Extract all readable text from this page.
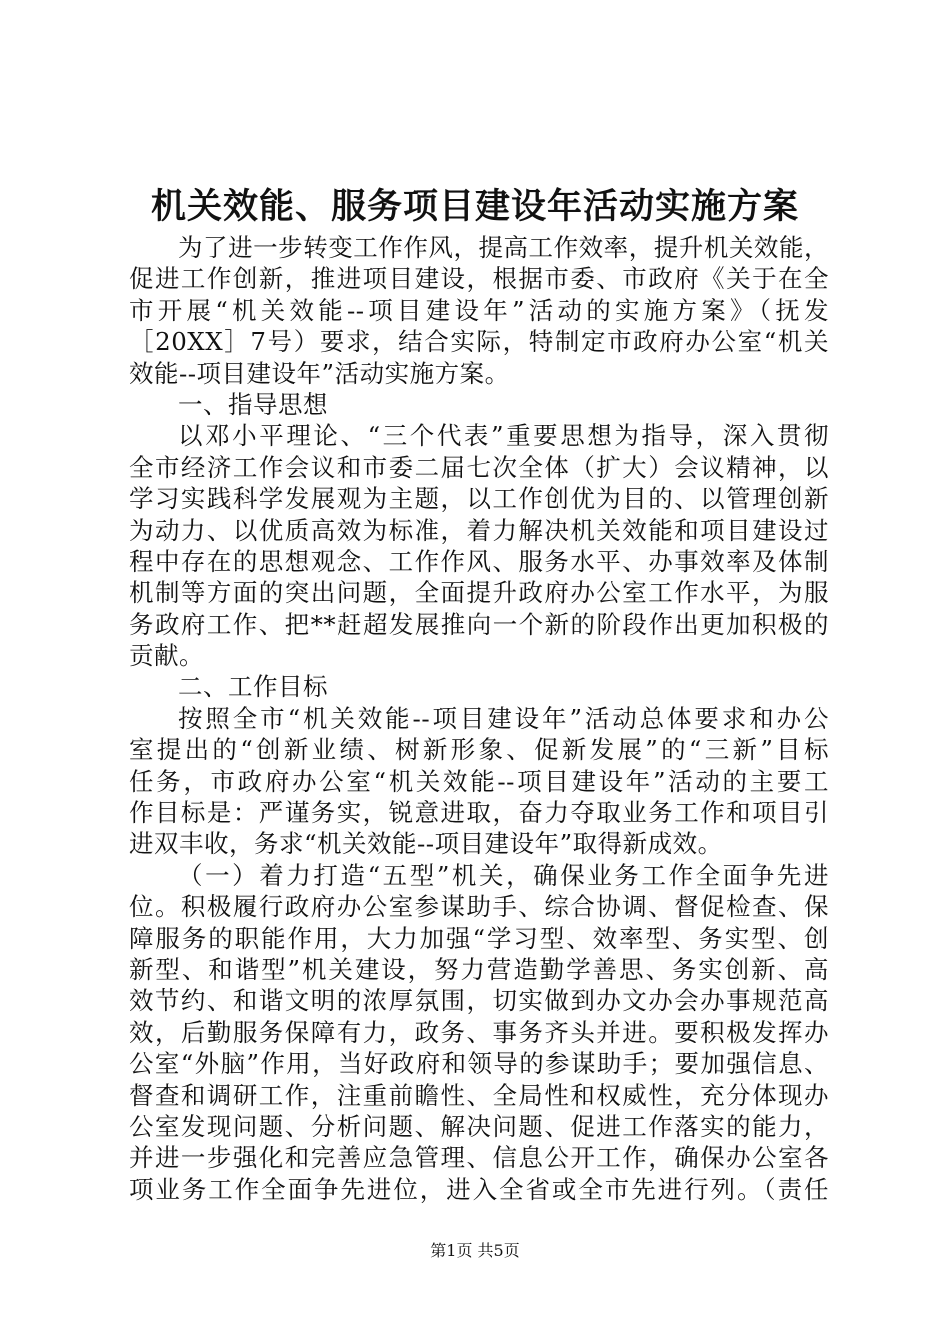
机关效能、服务项目建设年活动实施方案
为了进一步转变工作作风，提高工作效率，提升机关效能，
促进工作创新，推进项目建设，根据市委、市政府《关于在全
市开展“机关效能--项目建设年”活动的实施方案》（抚发
［20XX］7号）要求，结合实际，特制定市政府办公室“机关
效能--项目建设年”活动实施方案。
一、指导思想
以邓小平理论、“三个代表”重要思想为指导，深入贯彻
全市经济工作会议和市委二届七次全体（扩大）会议精神，以
学习实践科学发展观为主题，以工作创优为目的、以管理创新
为动力、以优质高效为标准，着力解决机关效能和项目建设过
程中存在的思想观念、工作作风、服务水平、办事效率及体制
机制等方面的突出问题，全面提升政府办公室工作水平，为服
务政府工作、把**赶超发展推向一个新的阶段作出更加积极的
贡献。
二、工作目标
按照全市“机关效能--项目建设年”活动总体要求和办公
室提出的“创新业绩、树新形象、促新发展”的“三新”目标
任务，市政府办公室“机关效能--项目建设年”活动的主要工
作目标是：严谨务实，锐意进取，奋力夺取业务工作和项目引
进双丰收，务求“机关效能--项目建设年”取得新成效。
（一）着力打造“五型”机关，确保业务工作全面争先进
位。积极履行政府办公室参谋助手、综合协调、督促检查、保
障服务的职能作用，大力加强“学习型、效率型、务实型、创
新型、和谐型”机关建设，努力营造勤学善思、务实创新、高
效节约、和谐文明的浓厚氛围，切实做到办文办会办事规范高
效，后勤服务保障有力，政务、事务齐头并进。要积极发挥办
公室“外脑”作用，当好政府和领导的参谋助手；要加强信息、
督查和调研工作，注重前瞻性、全局性和权威性，充分体现办
公室发现问题、分析问题、解决问题、促进工作落实的能力，
并进一步强化和完善应急管理、信息公开工作，确保办公室各
项业务工作全面争先进位，进入全省或全市先进行列。（责任
第1页 共5页
